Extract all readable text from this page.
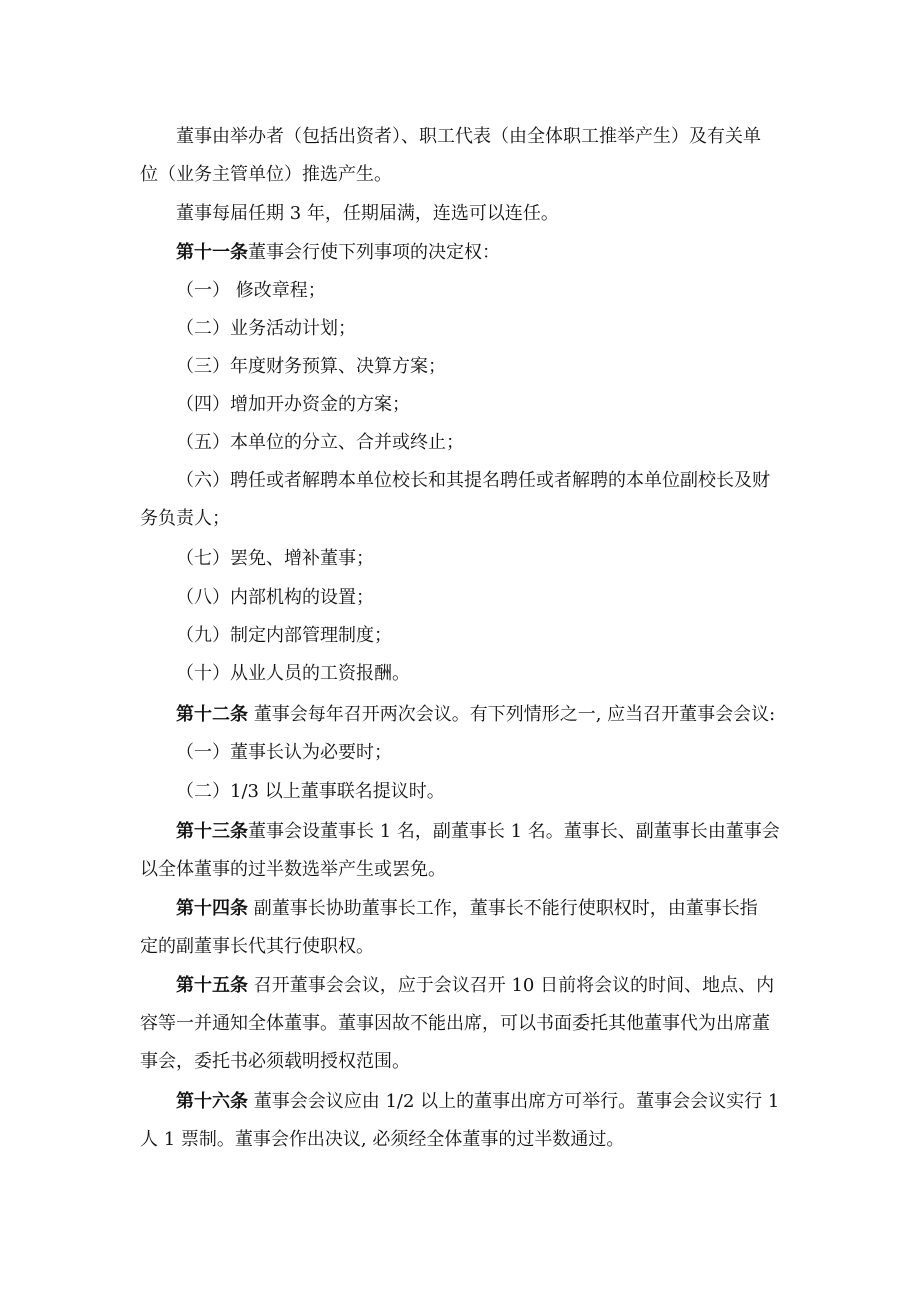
董事由举办者（包括出资者）、职工代表（由全体职工推举产生）及有关单
位（业务主管单位）推选产生。
董事每届任期 3 年，任期届满，连选可以连任。
第十一条董事会行使下列事项的决定权：
（一） 修改章程；
（二）业务活动计划；
（三）年度财务预算、决算方案；
（四）增加开办资金的方案；
（五）本单位的分立、合并或终止；
（六）聘任或者解聘本单位校长和其提名聘任或者解聘的本单位副校长及财
务负责人；
（七）罢免、增补董事；
（八）内部机构的设置；
（九）制定内部管理制度；
（十）从业人员的工资报酬。
第十二条 董事会每年召开两次会议。有下列情形之一, 应当召开董事会会议:
（一）董事长认为必要时；
（二）1/3 以上董事联名提议时。
第十三条董事会设董事长 1 名，副董事长 1 名。董事长、副董事长由董事会
以全体董事的过半数选举产生或罢免。
第十四条 副董事长协助董事长工作，董事长不能行使职权时，由董事长指
定的副董事长代其行使职权。
第十五条 召开董事会会议，应于会议召开 10 日前将会议的时间、地点、内
容等一并通知全体董事。董事因故不能出席，可以书面委托其他董事代为出席董
事会，委托书必须载明授权范围。
第十六条 董事会会议应由 1/2 以上的董事出席方可举行。董事会会议实行 1
人 1 票制。董事会作出决议, 必须经全体董事的过半数通过。
